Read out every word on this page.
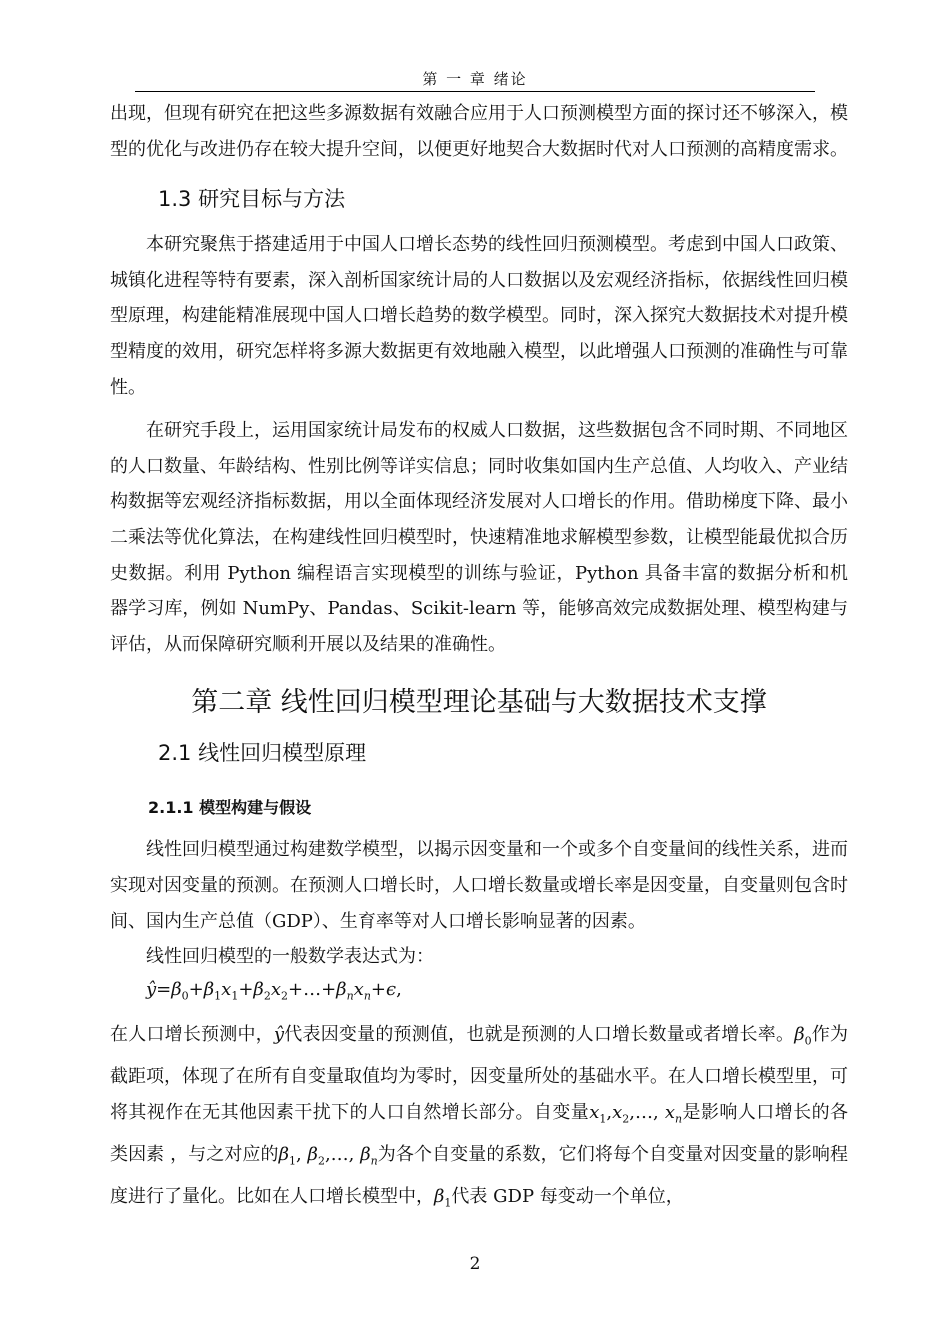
第 一 章 绪论

出现，但现有研究在把这些多源数据有效融合应用于人口预测模型方面的探讨还不够深入，模型的优化与改进仍存在较大提升空间，以便更好地契合大数据时代对人口预测的高精度需求。

1.3 研究目标与方法

本研究聚焦于搭建适用于中国人口增长态势的线性回归预测模型。考虑到中国人口政策、城镇化进程等特有要素，深入剖析国家统计局的人口数据以及宏观经济指标，依据线性回归模型原理，构建能精准展现中国人口增长趋势的数学模型。同时，深入探究大数据技术对提升模型精度的效用，研究怎样将多源大数据更有效地融入模型，以此增强人口预测的准确性与可靠性。

在研究手段上，运用国家统计局发布的权威人口数据，这些数据包含不同时期、不同地区的人口数量、年龄结构、性别比例等详实信息；同时收集如国内生产总值、人均收入、产业结构数据等宏观经济指标数据，用以全面体现经济发展对人口增长的作用。借助梯度下降、最小二乘法等优化算法，在构建线性回归模型时，快速精准地求解模型参数，让模型能最优拟合历史数据。利用 Python 编程语言实现模型的训练与验证，Python 具备丰富的数据分析和机器学习库，例如 NumPy、Pandas、Scikit-learn 等，能够高效完成数据处理、模型构建与评估，从而保障研究顺利开展以及结果的准确性。

第二章 线性回归模型理论基础与大数据技术支撑
2.1 线性回归模型原理
2.1.1 模型构建与假设

线性回归模型通过构建数学模型，以揭示因变量和一个或多个自变量间的线性关系，进而实现对因变量的预测。在预测人口增长时，人口增长数量或增长率是因变量，自变量则包含时间、国内生产总值（GDP）、生育率等对人口增长影响显著的因素。

线性回归模型的一般数学表达式为：

$ŷ=\beta_0+\beta_1x_1+\beta_2x_2+\dots+\beta_nx_n+\epsilon$,

在人口增长预测中，ŷ代表因变量的预测值，也就是预测的人口增长数量或者增长率。$\beta_0$作为截距项，体现了在所有自变量取值均为零时，因变量所处的基础水平。在人口增长模型里，可将其视作在无其他因素干扰下的人口自然增长部分。自变量$x_1,x_2,\dots$, $x_n$是影响人口增长的各类因素 ，与之对应的$\beta_1$, $\beta_2,\dots$, $\beta_n$为各个自变量的系数，它们将每个自变量对因变量的影响程度进行了量化。比如在人口增长模型中，$\beta_1$代表 GDP 每变动一个单位，

2
